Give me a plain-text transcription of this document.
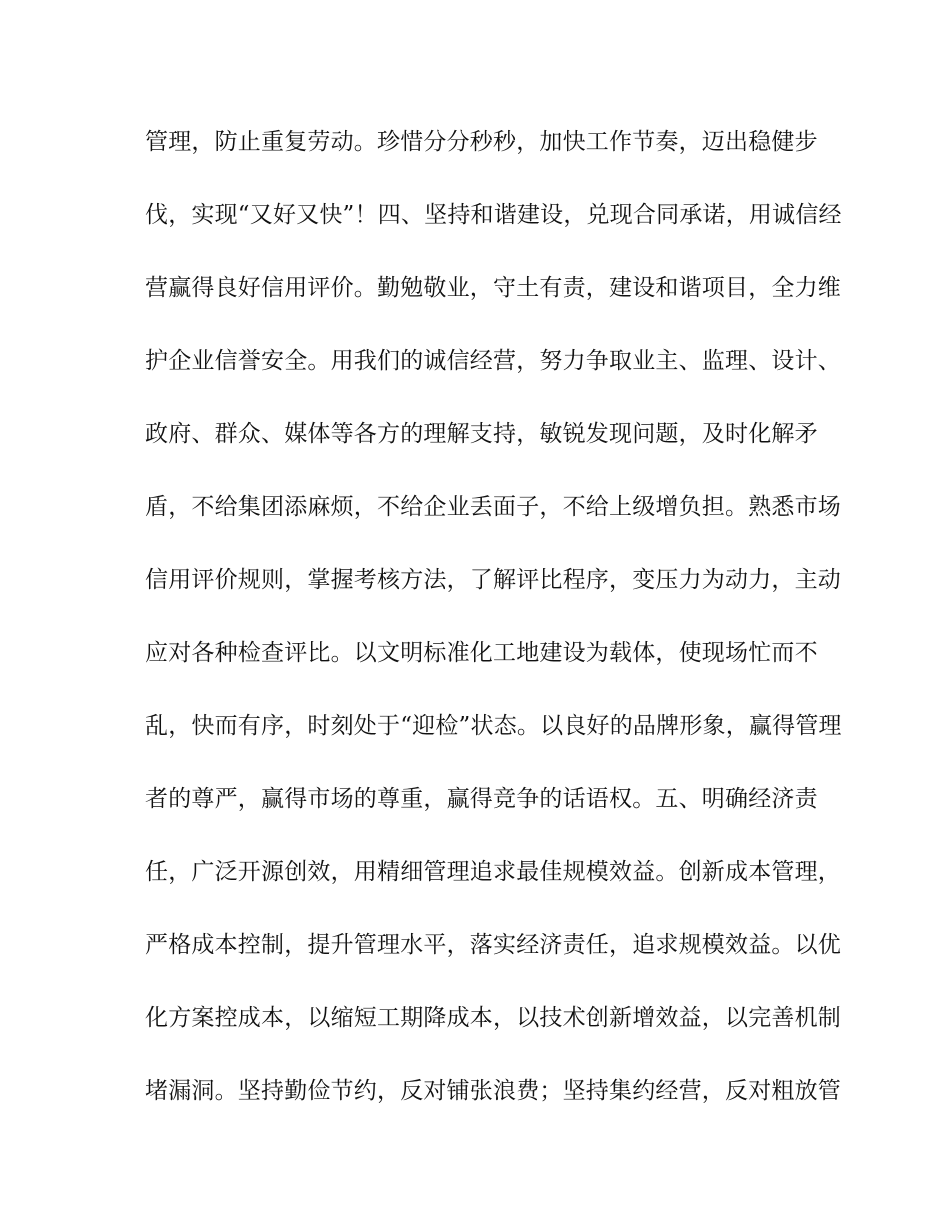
管理，防止重复劳动。珍惜分分秒秒，加快工作节奏，迈出稳健步
伐，实现“又好又快”！四、坚持和谐建设，兑现合同承诺，用诚信经
营赢得良好信用评价。勤勉敬业，守土有责，建设和谐项目，全力维
护企业信誉安全。用我们的诚信经营，努力争取业主、监理、设计、
政府、群众、媒体等各方的理解支持，敏锐发现问题，及时化解矛
盾，不给集团添麻烦，不给企业丢面子，不给上级增负担。熟悉市场
信用评价规则，掌握考核方法，了解评比程序，变压力为动力，主动
应对各种检查评比。以文明标准化工地建设为载体，使现场忙而不
乱，快而有序，时刻处于“迎检”状态。以良好的品牌形象，赢得管理
者的尊严，赢得市场的尊重，赢得竞争的话语权。五、明确经济责
任，广泛开源创效，用精细管理追求最佳规模效益。创新成本管理，
严格成本控制，提升管理水平，落实经济责任，追求规模效益。以优
化方案控成本，以缩短工期降成本，以技术创新增效益，以完善机制
堵漏洞。坚持勤俭节约，反对铺张浪费；坚持集约经营，反对粗放管
